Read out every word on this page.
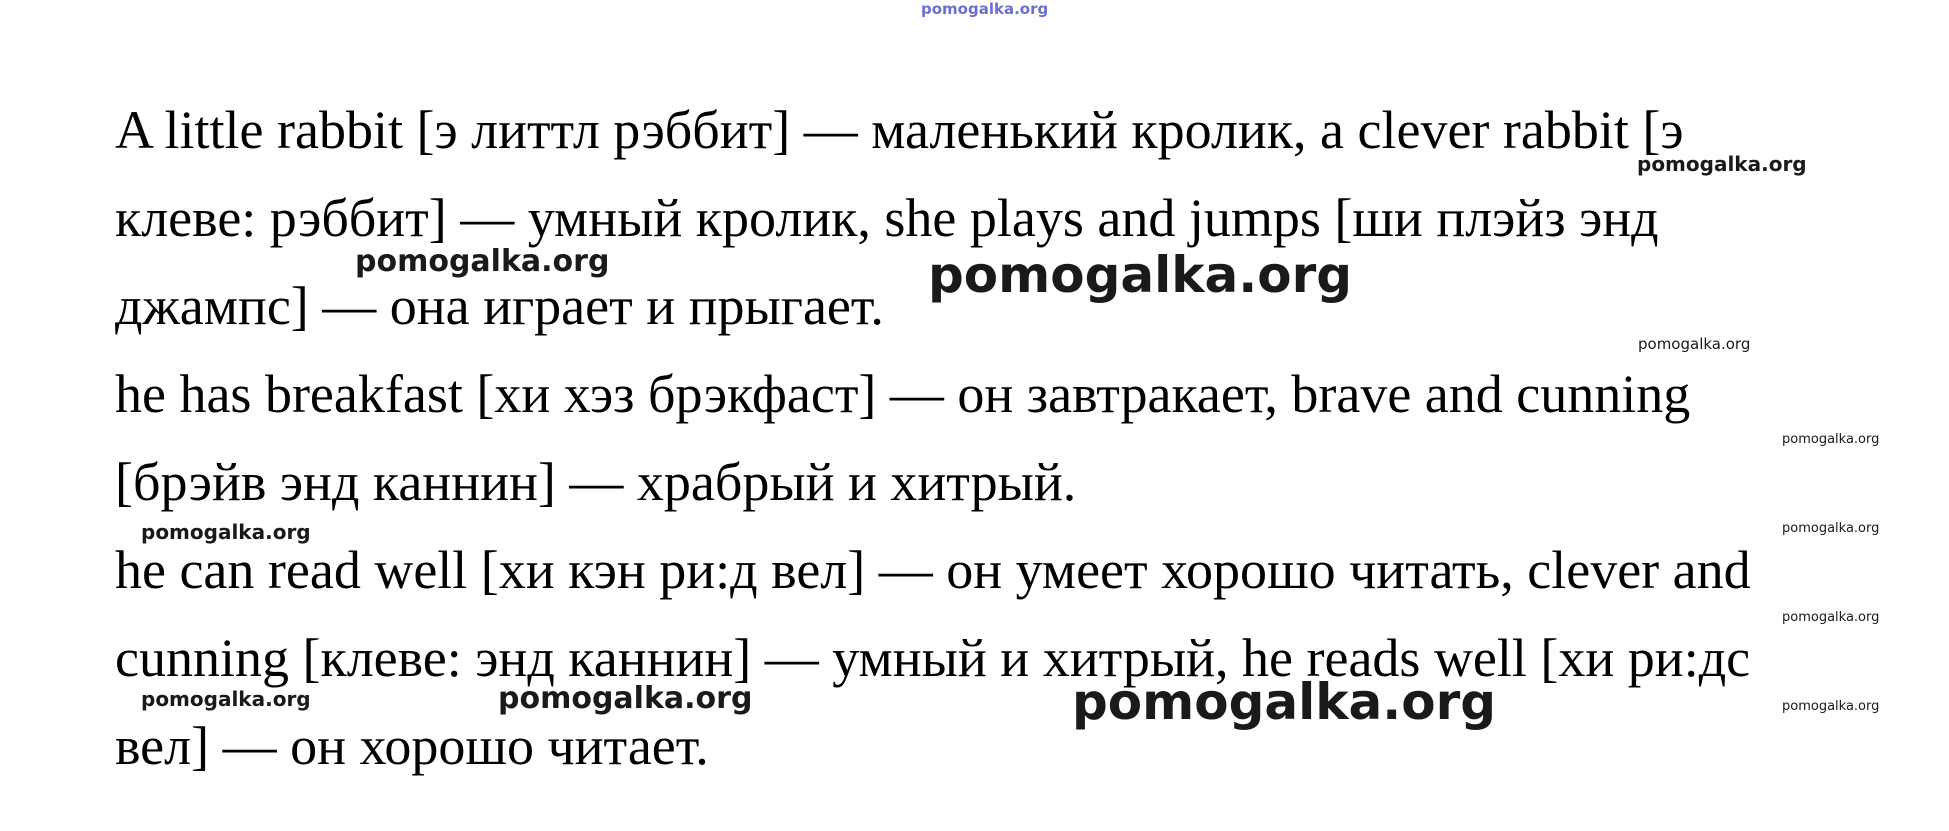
pomogalka.org
A little rabbit [э литтл рэббит] — маленький кролик, a clever rabbit [э
клеве: рэббит] — умный кролик, she plays and jumps [ши плэйз энд
джампс] — она играет и прыгает.
he has breakfast [хи хэз брэкфаст] — он завтракает, brave and cunning
[брэйв энд каннин] — храбрый и хитрый.
he can read well [хи кэн ри:д вел] — он умеет хорошо читать, clever and
cunning [клеве: энд каннин] — умный и хитрый, he reads well [хи ри:дс
вел] — он хорошо читает.
pomogalka.org
pomogalka.org	pomogalka.org
pomogalka.org
pomogalka.org
pomogalka.org	pomogalka.org
pomogalka.org
pomogalka.org	pomogalka.org	pomogalka.org	pomogalka.org
